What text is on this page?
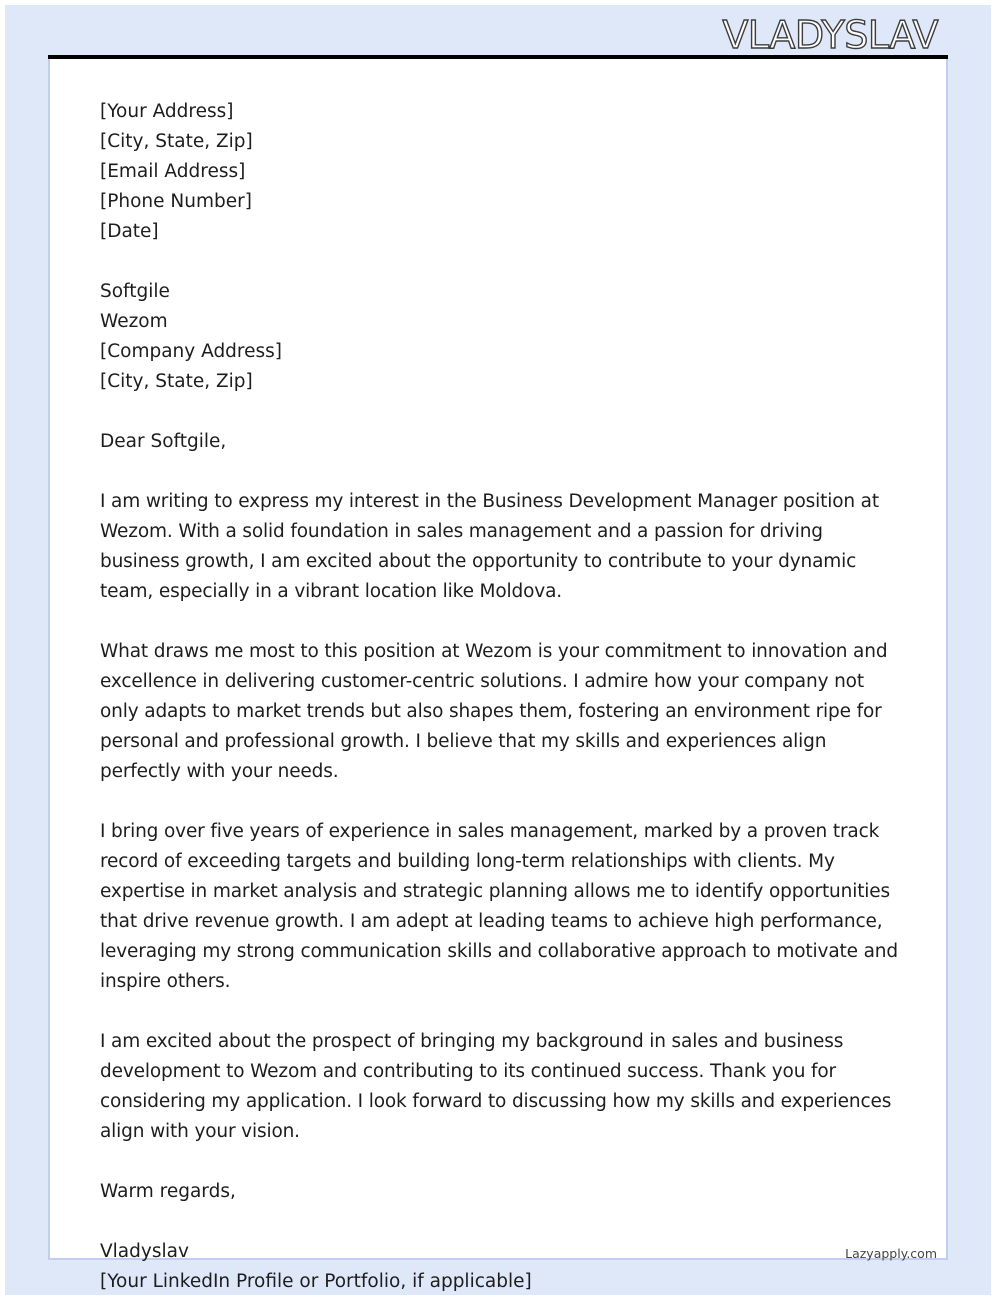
VLADYSLAV

[Your Address]
[City, State, Zip]
[Email Address]
[Phone Number]
[Date]

Softgile
Wezom
[Company Address]
[City, State, Zip]

Dear Softgile,

I am writing to express my interest in the Business Development Manager position at Wezom. With a solid foundation in sales management and a passion for driving business growth, I am excited about the opportunity to contribute to your dynamic team, especially in a vibrant location like Moldova.

What draws me most to this position at Wezom is your commitment to innovation and excellence in delivering customer-centric solutions. I admire how your company not only adapts to market trends but also shapes them, fostering an environment ripe for personal and professional growth. I believe that my skills and experiences align perfectly with your needs.

I bring over five years of experience in sales management, marked by a proven track record of exceeding targets and building long-term relationships with clients. My expertise in market analysis and strategic planning allows me to identify opportunities that drive revenue growth. I am adept at leading teams to achieve high performance, leveraging my strong communication skills and collaborative approach to motivate and inspire others.

I am excited about the prospect of bringing my background in sales and business development to Wezom and contributing to its continued success. Thank you for considering my application. I look forward to discussing how my skills and experiences align with your vision.

Warm regards,

Vladyslav
[Your LinkedIn Profile or Portfolio, if applicable]
Lazyapply.com
